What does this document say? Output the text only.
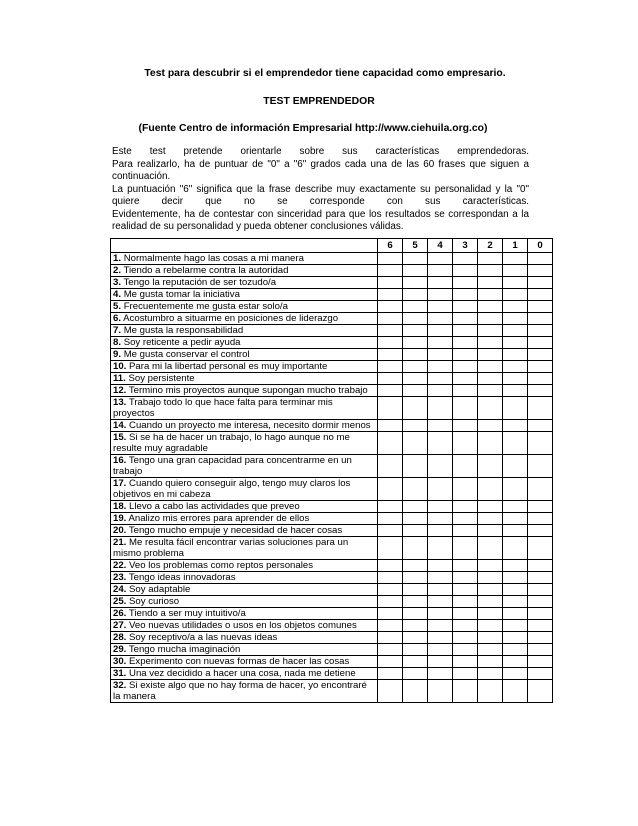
Test para descubrir si el emprendedor tiene capacidad como empresario.
TEST EMPRENDEDOR
(Fuente Centro de información Empresarial http://www.ciehuila.org.co)
Este test pretende orientarle sobre sus características emprendedoras.
Para realizarlo, ha de puntuar de "0" a "6" grados cada una de las 60 frases que siguen a
continuación.
La puntuación "6" significa que la frase describe muy exactamente su personalidad y la "0"
quiere decir que no se corresponde con sus características.
Evidentemente, ha de contestar con sinceridad para que los resultados se correspondan a la
realidad de su personalidad y pueda obtener conclusiones válidas.
	6	5	4	3	2	1	0
1. Normalmente hago las cosas a mi manera							
2. Tiendo a rebelarme contra la autoridad							
3. Tengo la reputación de ser tozudo/a							
4. Me gusta tomar la iniciativa							
5. Frecuentemente me gusta estar solo/a							
6. Acostumbro a situarme en posiciones de liderazgo							
7. Me gusta la responsabilidad							
8. Soy reticente a pedir ayuda							
9. Me gusta conservar el control							
10. Para mi la libertad personal es muy importante							
11. Soy persistente							
12. Termino mis proyectos aunque supongan mucho trabajo							
13. Trabajo todo lo que hace falta para terminar mis proyectos							
14. Cuando un proyecto me interesa, necesito dormir menos							
15. Si se ha de hacer un trabajo, lo hago aunque no me resulte muy agradable							
16. Tengo una gran capacidad para concentrarme en un trabajo							
17. Cuando quiero conseguir algo, tengo muy claros los objetivos en mi cabeza							
18. Llevo a cabo las actividades que preveo							
19. Analizo mis errores para aprender de ellos							
20. Tengo mucho empuje y necesidad de hacer cosas							
21. Me resulta fácil encontrar varias soluciones para un mismo problema							
22. Veo los problemas como reptos personales							
23. Tengo ideas innovadoras							
24. Soy adaptable							
25. Soy curioso							
26. Tiendo a ser muy intuitivo/a							
27. Veo nuevas utilidades o usos en los objetos comunes							
28. Soy receptivo/a a las nuevas ideas							
29. Tengo mucha imaginación							
30. Experimento con nuevas formas de hacer las cosas							
31. Una vez decidido a hacer una cosa, nada me detiene							
32. Si existe algo que no hay forma de hacer, yo encontraré la manera							
